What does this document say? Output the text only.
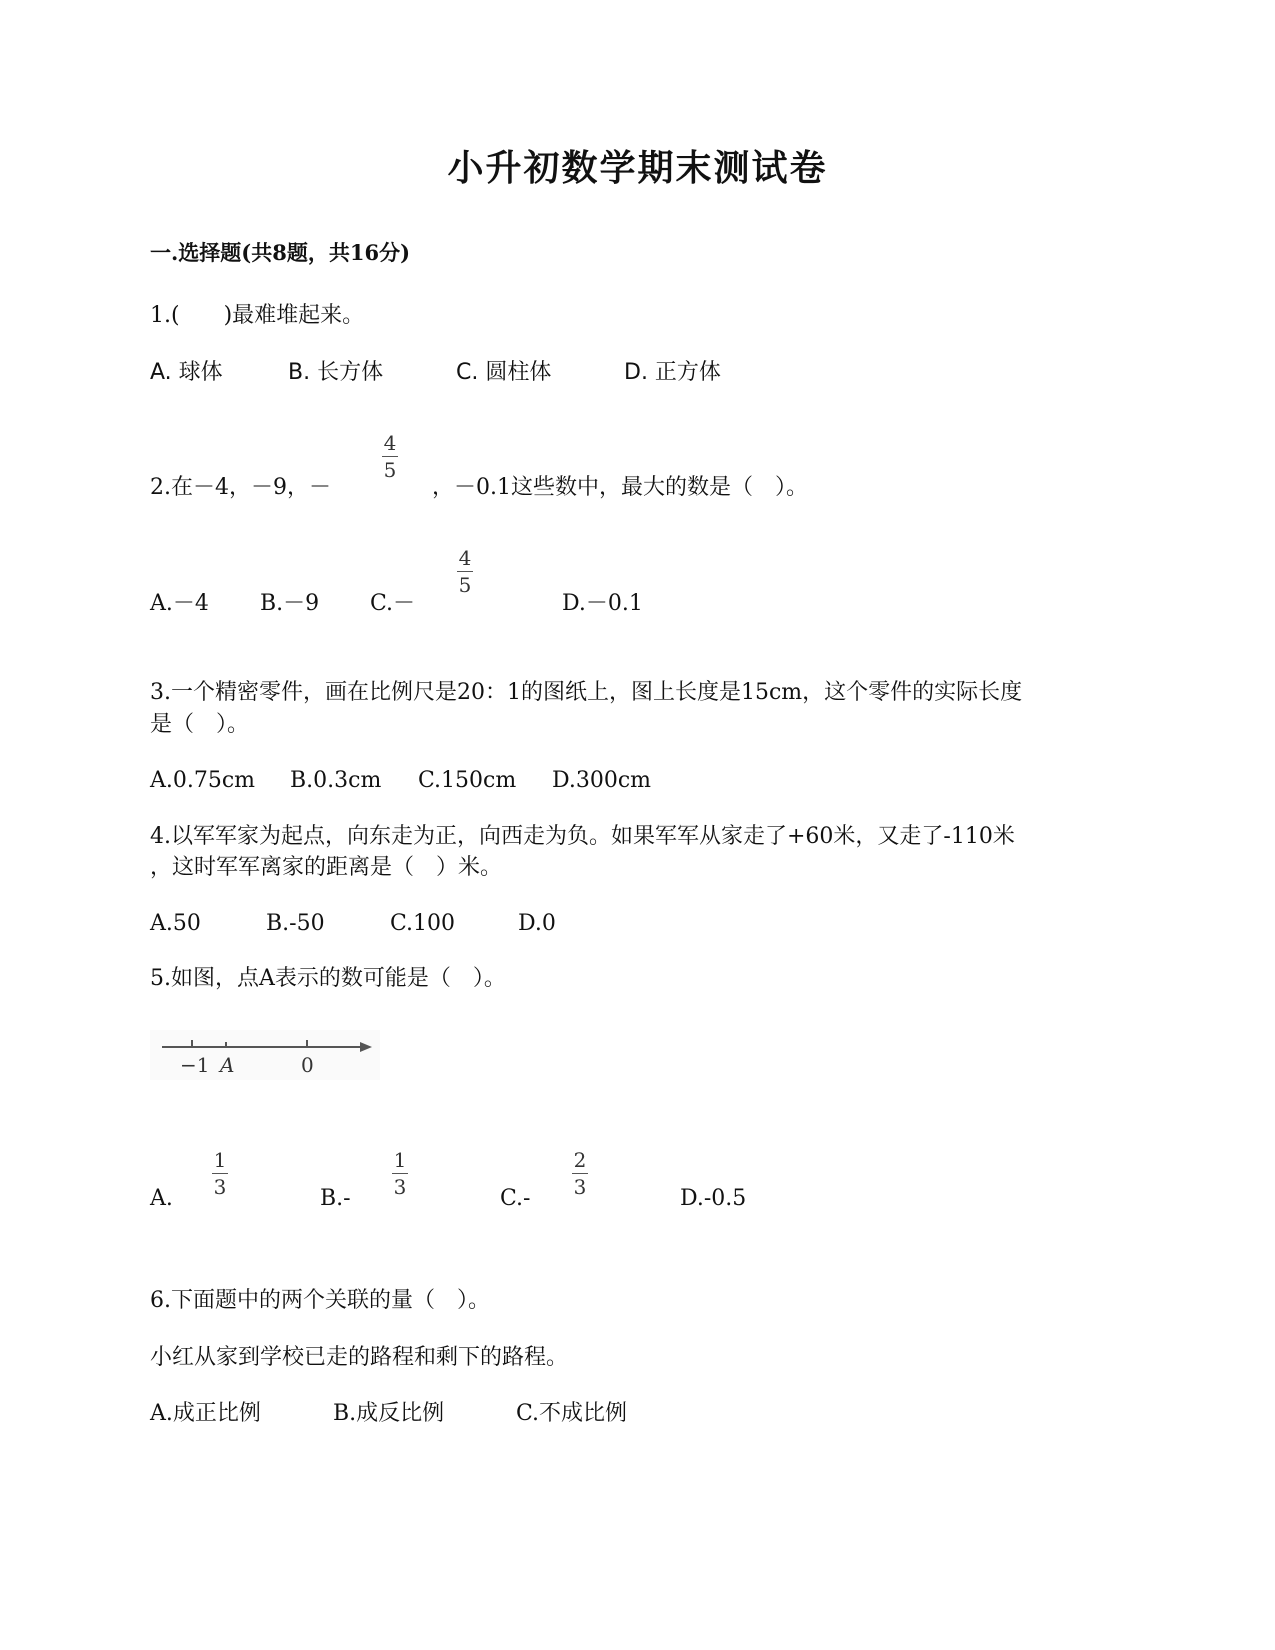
小升初数学期末测试卷
一.选择题(共8题，共16分)
1.(　　)最难堆起来。
A. 球体	B. 长方体	C. 圆柱体	D. 正方体
2.在－4，－9，－
4
5
，－0.1这些数中，最大的数是（　）。
A.－4 B.－9 C.－
4
5
D.－0.1
3.一个精密零件，画在比例尺是20：1的图纸上，图上长度是15cm，这个零件的实际长度
是（　）。
A.0.75cm B.0.3cm C.150cm D.300cm
4.以军军家为起点，向东走为正，向西走为负。如果军军从家走了+60米，又走了-110米
，这时军军离家的距离是（　）米。
A.50	B.-50	C.100	D.0
5.如图，点A表示的数可能是（　）。
−1 A	0
A.
1
3	B.-
1
3	C.-
2
3	D.-0.5
6.下面题中的两个关联的量（　）。
小红从家到学校已走的路程和剩下的路程。
A.成正比例	B.成反比例	C.不成比例
